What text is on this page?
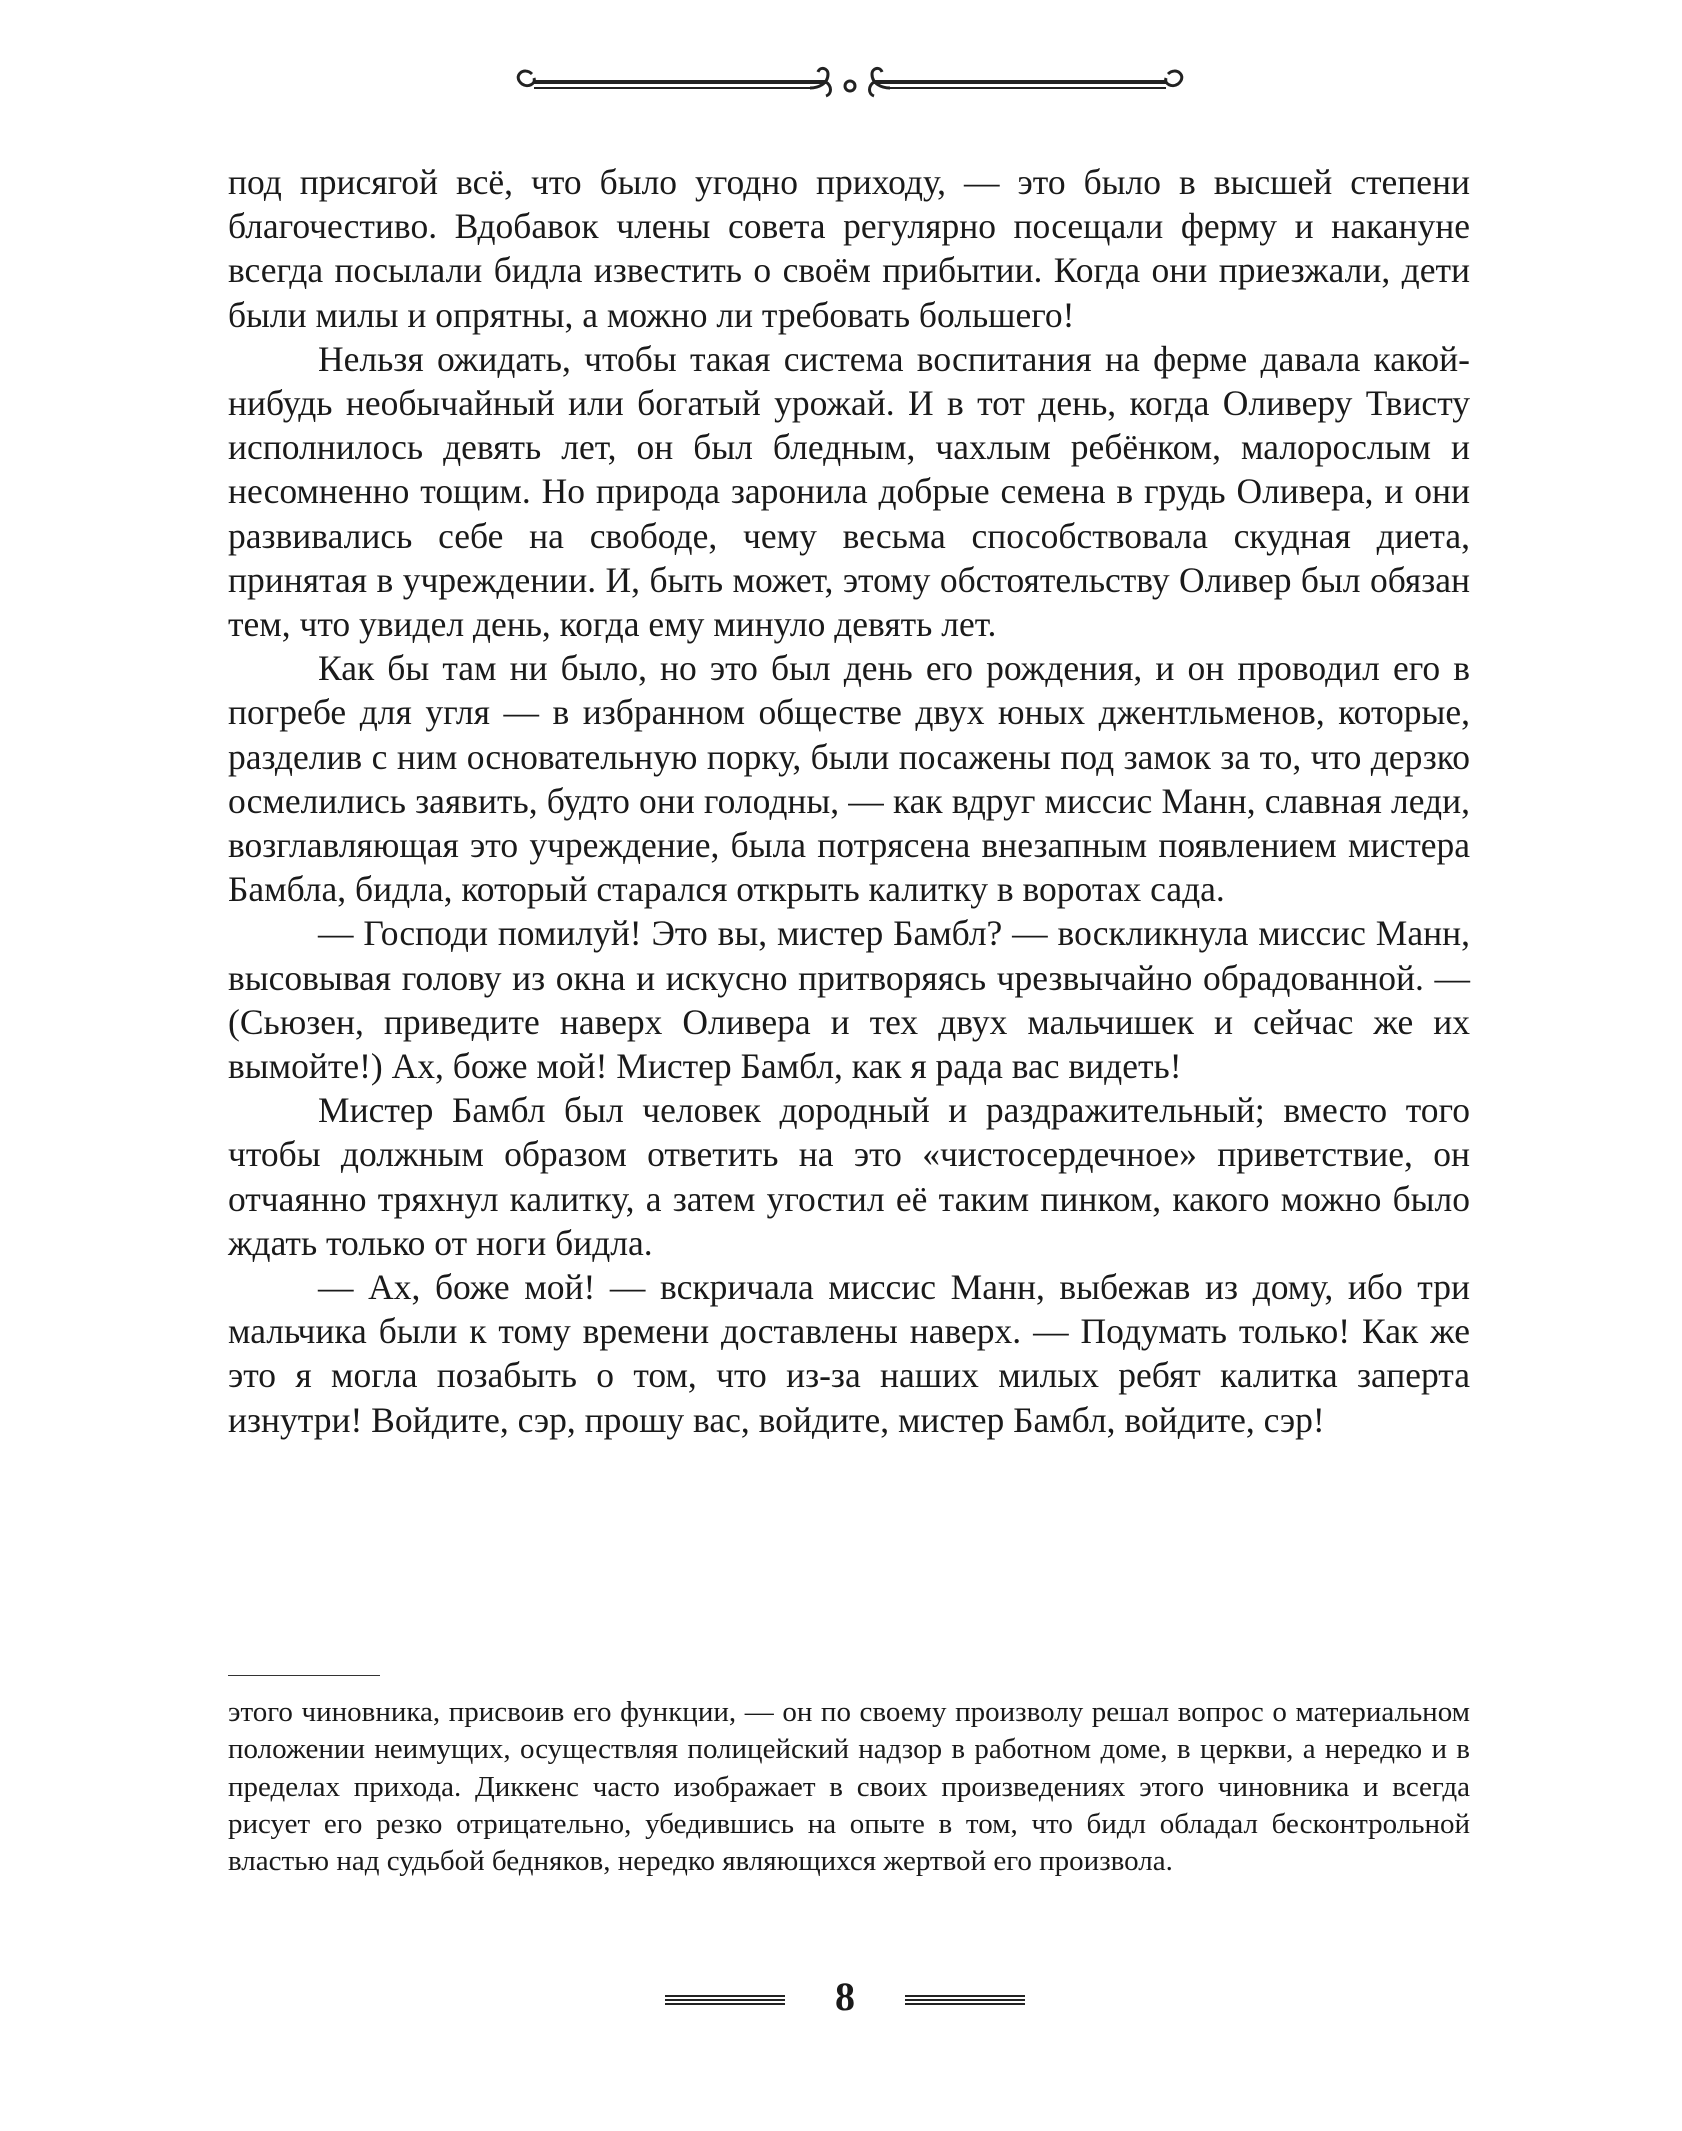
под присягой всё, что было угодно приходу, — это было в высшей степени благочестиво. Вдобавок члены совета регулярно посещали ферму и накануне всегда посылали бидла известить о своём прибытии. Когда они приезжали, дети были милы и опрятны, а можно ли требовать большего!

Нельзя ожидать, чтобы такая система воспитания на ферме давала какой-нибудь необычайный или богатый урожай. И в тот день, когда Оливеру Твисту исполнилось девять лет, он был бледным, чахлым ребёнком, малорослым и несомненно тощим. Но природа заронила добрые семена в грудь Оливера, и они развивались себе на свободе, чему весьма способствовала скудная диета, принятая в учреждении. И, быть может, этому обстоятельству Оливер был обязан тем, что увидел день, когда ему минуло девять лет.

Как бы там ни было, но это был день его рождения, и он проводил его в погребе для угля — в избранном обществе двух юных джентльменов, которые, разделив с ним основательную порку, были посажены под замок за то, что дерзко осмелились заявить, будто они голодны, — как вдруг миссис Манн, славная леди, возглавляющая это учреждение, была потрясена внезапным появлением мистера Бамбла, бидла, который старался открыть калитку в воротах сада.

— Господи помилуй! Это вы, мистер Бамбл? — воскликнула миссис Манн, высовывая голову из окна и искусно притворяясь чрезвычайно обрадованной. — (Сьюзен, приведите наверх Оливера и тех двух мальчишек и сейчас же их вымойте!) Ах, боже мой! Мистер Бамбл, как я рада вас видеть!

Мистер Бамбл был человек дородный и раздражительный; вместо того чтобы должным образом ответить на это «чистосердечное» приветствие, он отчаянно тряхнул калитку, а затем угостил её таким пинком, какого можно было ждать только от ноги бидла.

— Ах, боже мой! — вскричала миссис Манн, выбежав из дому, ибо три мальчика были к тому времени доставлены наверх. — Подумать только! Как же это я могла позабыть о том, что из-за наших милых ребят калитка заперта изнутри! Войдите, сэр, прошу вас, войдите, мистер Бамбл, войдите, сэр!

этого чиновника, присвоив его функции, — он по своему произволу решал вопрос о материальном положении неимущих, осуществляя полицейский надзор в работном доме, в церкви, а нередко и в пределах прихода. Диккенс часто изображает в своих произведениях этого чиновника и всегда рисует его резко отрицательно, убедившись на опыте в том, что бидл обладал бесконтрольной властью над судьбой бедняков, нередко являющихся жертвой его произвола.

8
